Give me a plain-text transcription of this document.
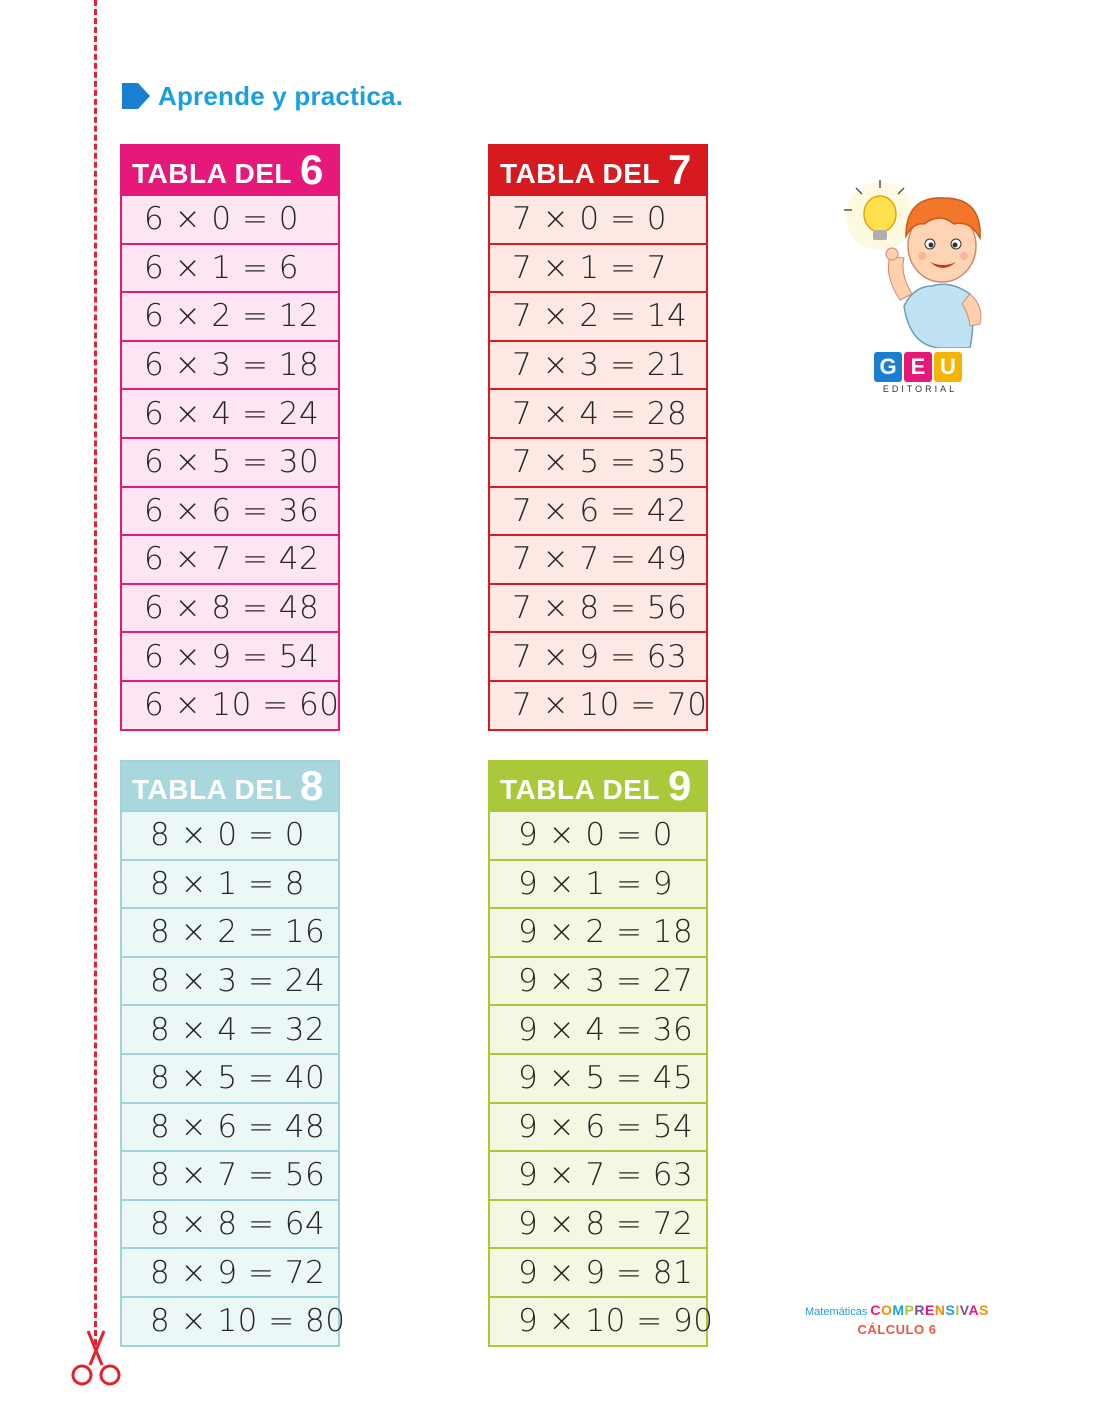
Aprende y practica.
TABLA DEL 6
6 × 0 = 0
6 × 1 = 6
6 × 2 = 12
6 × 3 = 18
6 × 4 = 24
6 × 5 = 30
6 × 6 = 36
6 × 7 = 42
6 × 8 = 48
6 × 9 = 54
6 × 10 = 60
TABLA DEL 7
7 × 0 = 0
7 × 1 = 7
7 × 2 = 14
7 × 3 = 21
7 × 4 = 28
7 × 5 = 35
7 × 6 = 42
7 × 7 = 49
7 × 8 = 56
7 × 9 = 63
7 × 10 = 70
TABLA DEL 8
8 × 0 = 0
8 × 1 = 8
8 × 2 = 16
8 × 3 = 24
8 × 4 = 32
8 × 5 = 40
8 × 6 = 48
8 × 7 = 56
8 × 8 = 64
8 × 9 = 72
8 × 10 = 80
TABLA DEL 9
9 × 0 = 0
9 × 1 = 9
9 × 2 = 18
9 × 3 = 27
9 × 4 = 36
9 × 5 = 45
9 × 6 = 54
9 × 7 = 63
9 × 8 = 72
9 × 9 = 81
9 × 10 = 90
G E U
EDITORIAL
Matemáticas COMPRENSIVAS
CÁLCULO 6
